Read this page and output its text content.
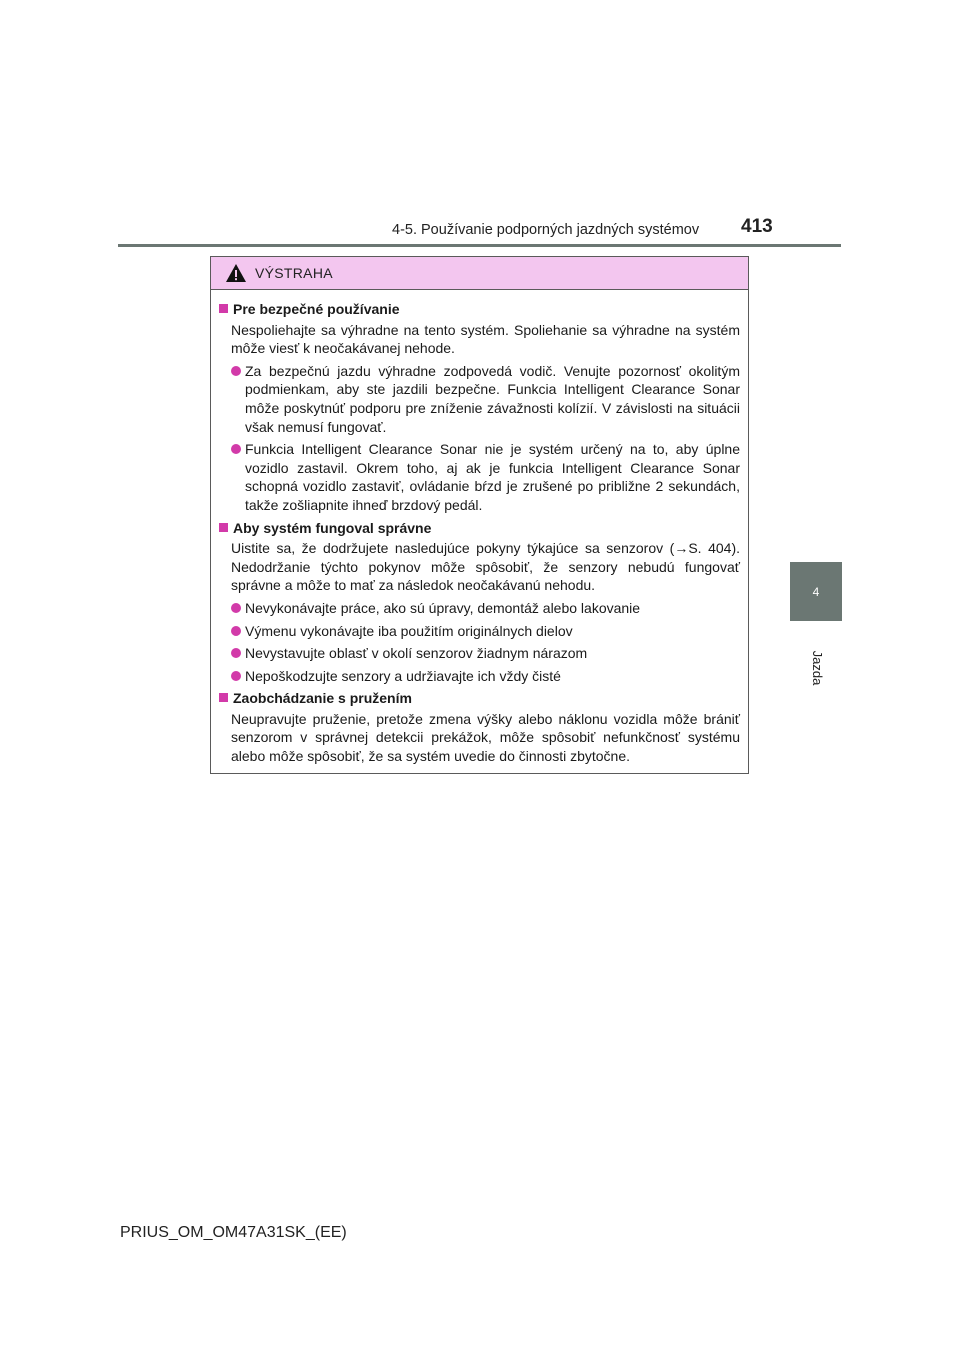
4-5. Používanie podporných jazdných systémov 413
4
Jazda
VÝSTRAHA
Pre bezpečné používanie
Nespoliehajte sa výhradne na tento systém. Spoliehanie sa výhradne na systém môže viesť k neočakávanej nehode.
Za bezpečnú jazdu výhradne zodpovedá vodič. Venujte pozornosť okolitým podmienkam, aby ste jazdili bezpečne. Funkcia Intelligent Clearance Sonar môže poskytnúť podporu pre zníženie závažnosti kolízií. V závislosti na situácii však nemusí fungovať.
Funkcia Intelligent Clearance Sonar nie je systém určený na to, aby úplne vozidlo zastavil. Okrem toho, aj ak je funkcia Intelligent Clearance Sonar schopná vozidlo zastaviť, ovládanie bŕzd je zrušené po približne 2 sekundách, takže zošliapnite ihneď brzdový pedál.
Aby systém fungoval správne
Uistite sa, že dodržujete nasledujúce pokyny týkajúce sa senzorov (→S. 404). Nedodržanie týchto pokynov môže spôsobiť, že senzory nebudú fungovať správne a môže to mať za následok neočakávanú nehodu.
Nevykonávajte práce, ako sú úpravy, demontáž alebo lakovanie
Výmenu vykonávajte iba použitím originálnych dielov
Nevystavujte oblasť v okolí senzorov žiadnym nárazom
Nepoškodzujte senzory a udržiavajte ich vždy čisté
Zaobchádzanie s pružením
Neupravujte pruženie, pretože zmena výšky alebo náklonu vozidla môže brániť senzorom v správnej detekcii prekážok, môže spôsobiť nefunkčnosť systému alebo môže spôsobiť, že sa systém uvedie do činnosti zbytočne.
PRIUS_OM_OM47A31SK_(EE)
